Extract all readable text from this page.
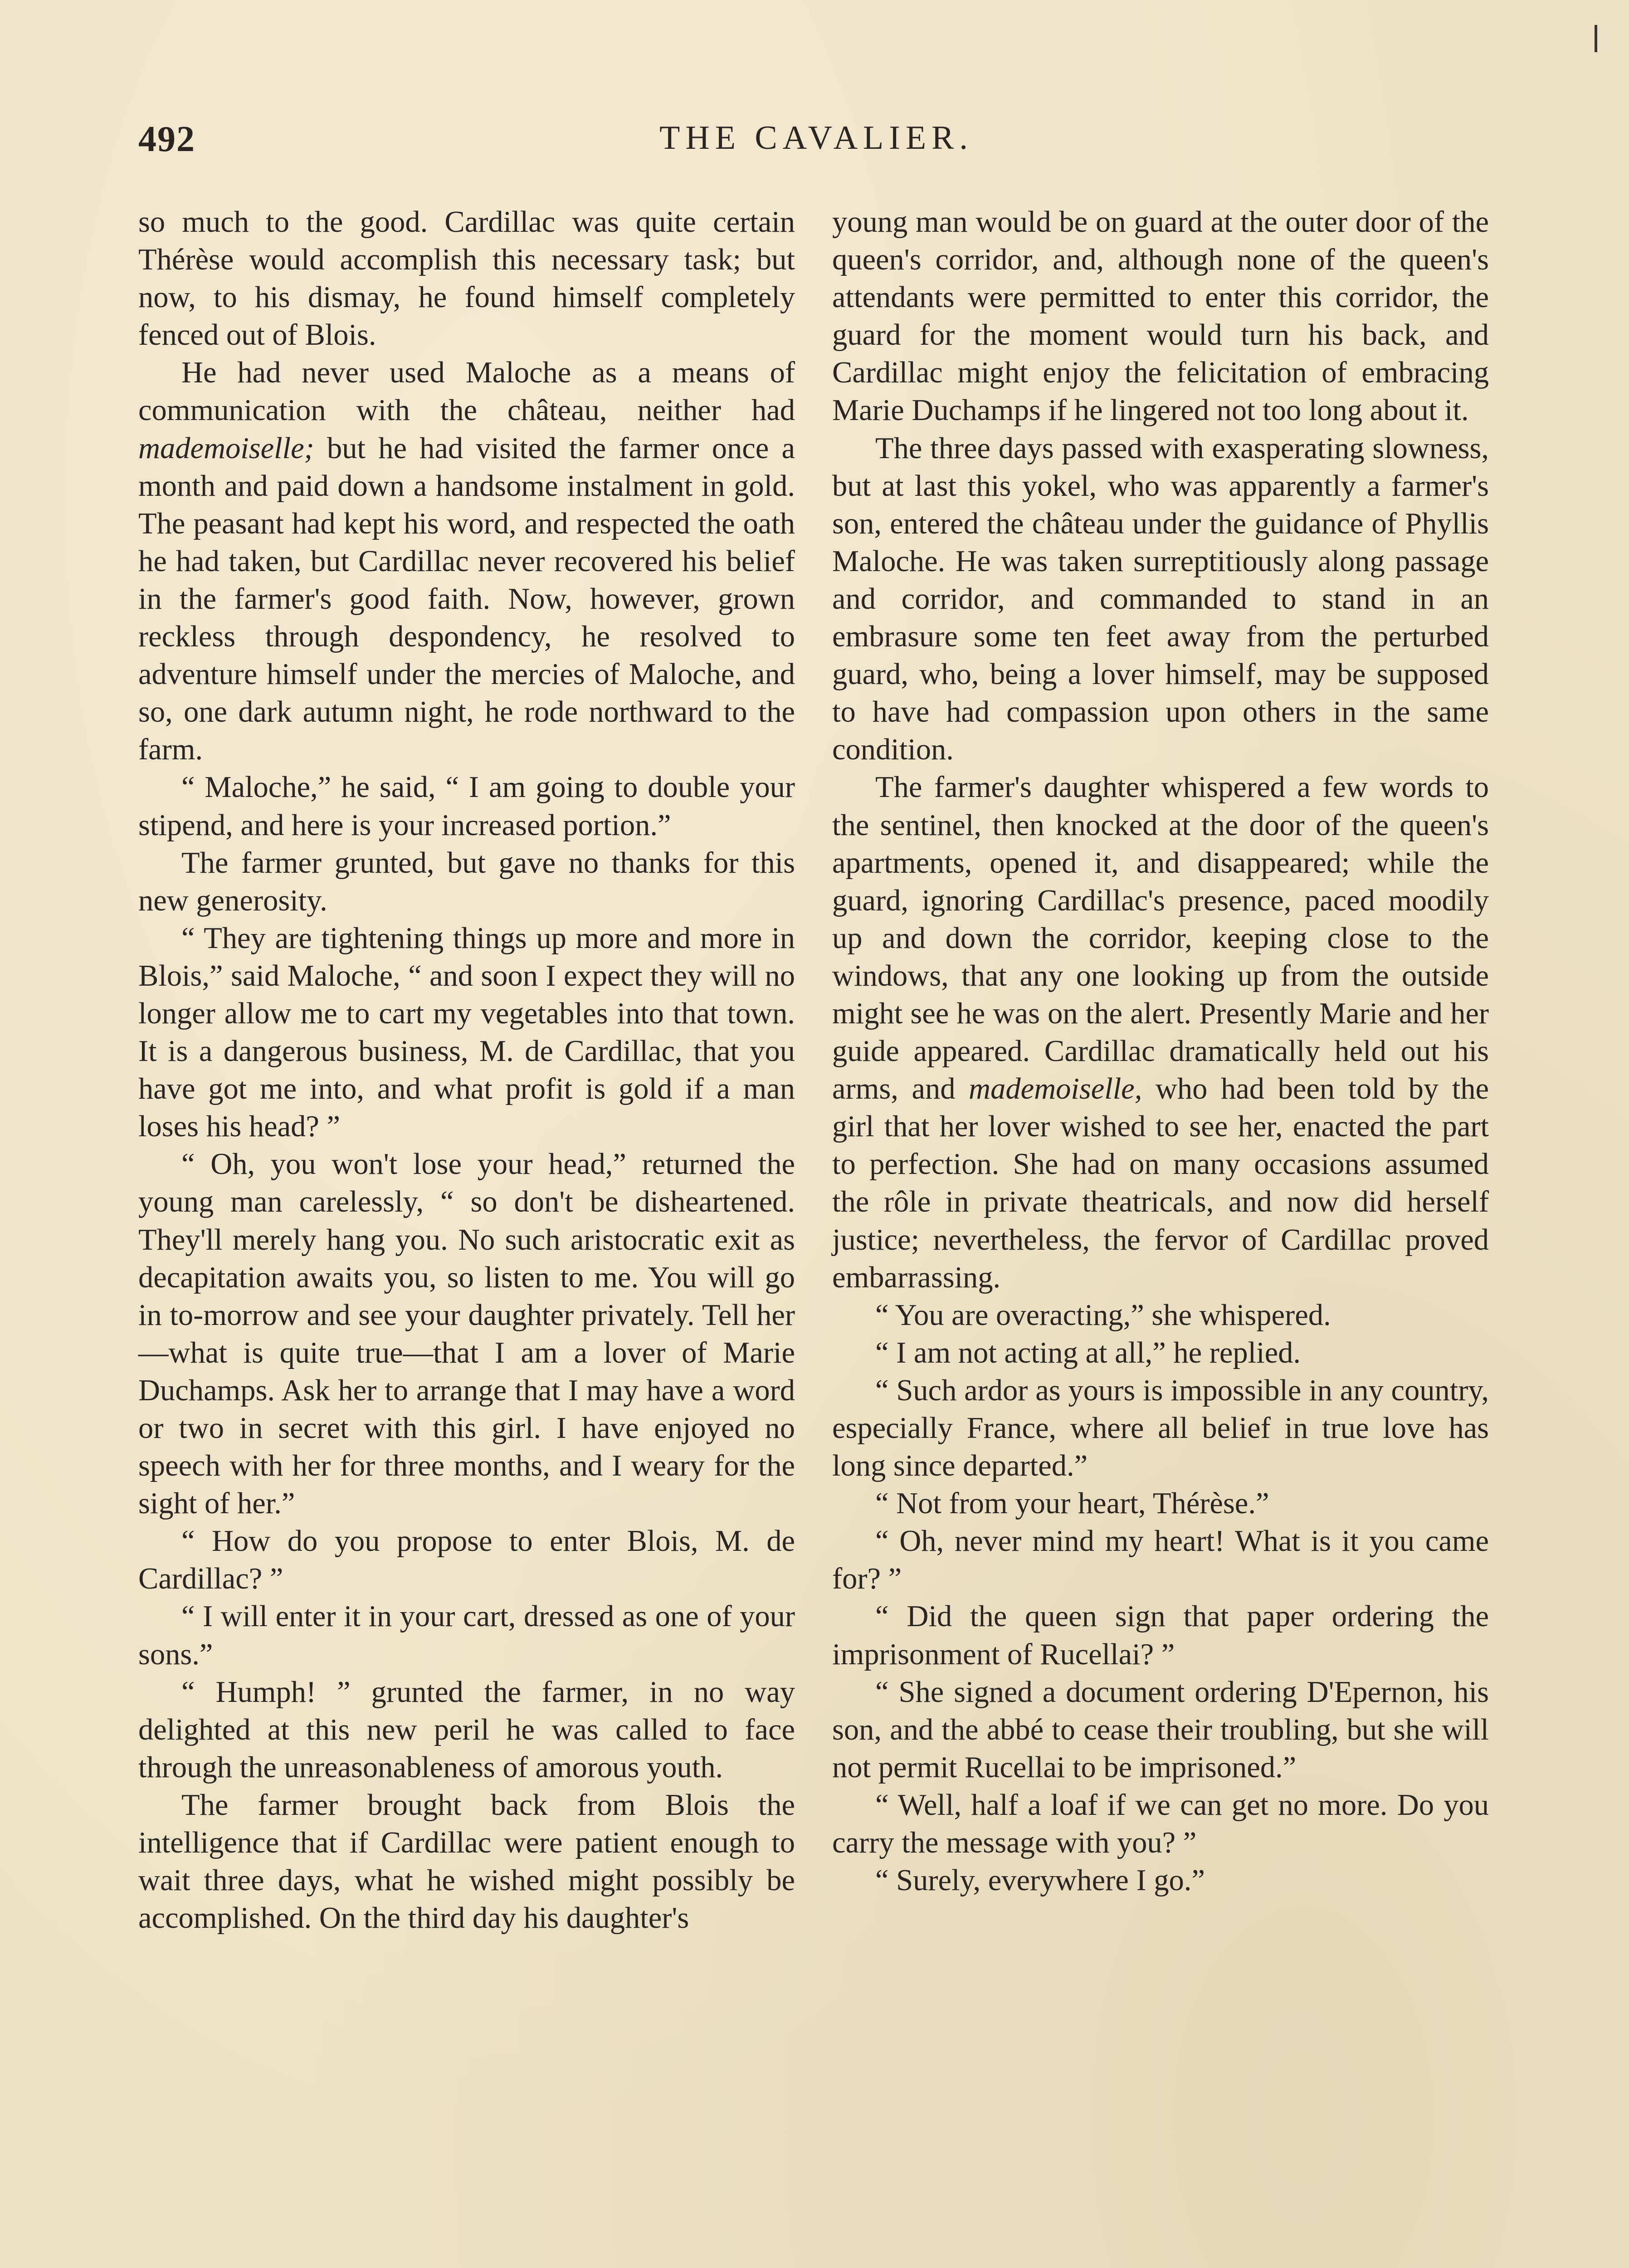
492	THE CAVALIER.

so much to the good. Cardillac was quite certain Thérèse would accomplish this necessary task; but now, to his dismay, he found himself completely fenced out of Blois.

He had never used Maloche as a means of communication with the château, neither had mademoiselle; but he had visited the farmer once a month and paid down a handsome instalment in gold. The peasant had kept his word, and respected the oath he had taken, but Cardillac never recovered his belief in the farmer's good faith. Now, however, grown reckless through despondency, he resolved to adventure himself under the mercies of Maloche, and so, one dark autumn night, he rode northward to the farm.

“ Maloche,” he said, “ I am going to double your stipend, and here is your increased portion.”

The farmer grunted, but gave no thanks for this new generosity.

“ They are tightening things up more and more in Blois,” said Maloche, “ and soon I expect they will no longer allow me to cart my vegetables into that town. It is a dangerous business, M. de Cardillac, that you have got me into, and what profit is gold if a man loses his head? ”

“ Oh, you won't lose your head,” returned the young man carelessly, “ so don't be disheartened. They'll merely hang you. No such aristocratic exit as decapitation awaits you, so listen to me. You will go in to-morrow and see your daughter privately. Tell her—what is quite true—that I am a lover of Marie Duchamps. Ask her to arrange that I may have a word or two in secret with this girl. I have enjoyed no speech with her for three months, and I weary for the sight of her.”

“ How do you propose to enter Blois, M. de Cardillac? ”

“ I will enter it in your cart, dressed as one of your sons.”

“ Humph! ” grunted the farmer, in no way delighted at this new peril he was called to face through the unreasonableness of amorous youth.

The farmer brought back from Blois the intelligence that if Cardillac were patient enough to wait three days, what he wished might possibly be accomplished. On the third day his daughter's

young man would be on guard at the outer door of the queen's corridor, and, although none of the queen's attendants were permitted to enter this corridor, the guard for the moment would turn his back, and Cardillac might enjoy the felicitation of embracing Marie Duchamps if he lingered not too long about it.

The three days passed with exasperating slowness, but at last this yokel, who was apparently a farmer's son, entered the château under the guidance of Phyllis Maloche. He was taken surreptitiously along passage and corridor, and commanded to stand in an embrasure some ten feet away from the perturbed guard, who, being a lover himself, may be supposed to have had compassion upon others in the same condition.

The farmer's daughter whispered a few words to the sentinel, then knocked at the door of the queen's apartments, opened it, and disappeared; while the guard, ignoring Cardillac's presence, paced moodily up and down the corridor, keeping close to the windows, that any one looking up from the outside might see he was on the alert. Presently Marie and her guide appeared. Cardillac dramatically held out his arms, and mademoiselle, who had been told by the girl that her lover wished to see her, enacted the part to perfection. She had on many occasions assumed the rôle in private theatricals, and now did herself justice; nevertheless, the fervor of Cardillac proved embarrassing.

“ You are overacting,” she whispered.

“ I am not acting at all,” he replied.

“ Such ardor as yours is impossible in any country, especially France, where all belief in true love has long since departed.”

“ Not from your heart, Thérèse.”

“ Oh, never mind my heart! What is it you came for? ”

“ Did the queen sign that paper ordering the imprisonment of Rucellai? ”

“ She signed a document ordering D'Epernon, his son, and the abbé to cease their troubling, but she will not permit Rucellai to be imprisoned.”

“ Well, half a loaf if we can get no more. Do you carry the message with you? ”

“ Surely, everywhere I go.”
